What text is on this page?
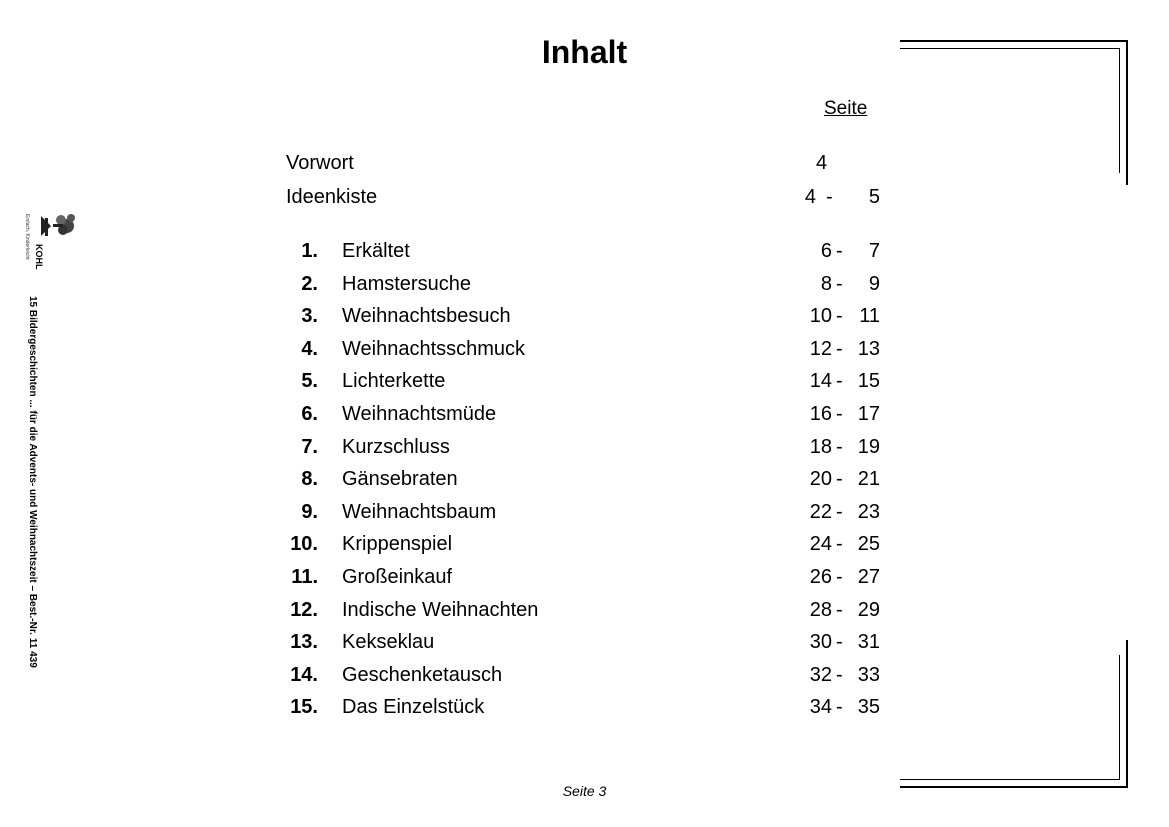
Inhalt
Seite
Vorwort	4
Ideenkiste	4 -	5
1. Erkältet	6 -	7
2. Hamstersuche	8 -	9
3. Weihnachtsbesuch	10 - 11
4. Weihnachtsschmuck	12 - 13
5. Lichterkette	14 - 15
6. Weihnachtsmüde	16 - 17
7. Kurzschluss	18 - 19
8. Gänsebraten	20 - 21
9. Weihnachtsbaum	22 - 23
10. Krippenspiel	24 - 25
11. Großeinkauf	26 - 27
12. Indische Weihnachten	28 - 29
13. Kekseklau	30 - 31
14. Geschenketausch	32 - 33
15. Das Einzelstück	34 - 35
Seite 3
Einfach, Kinderleicht KOHL
15 Bildergeschichten ... für die Advents- und Weihnachtszeit – Best.-Nr. 11 439
